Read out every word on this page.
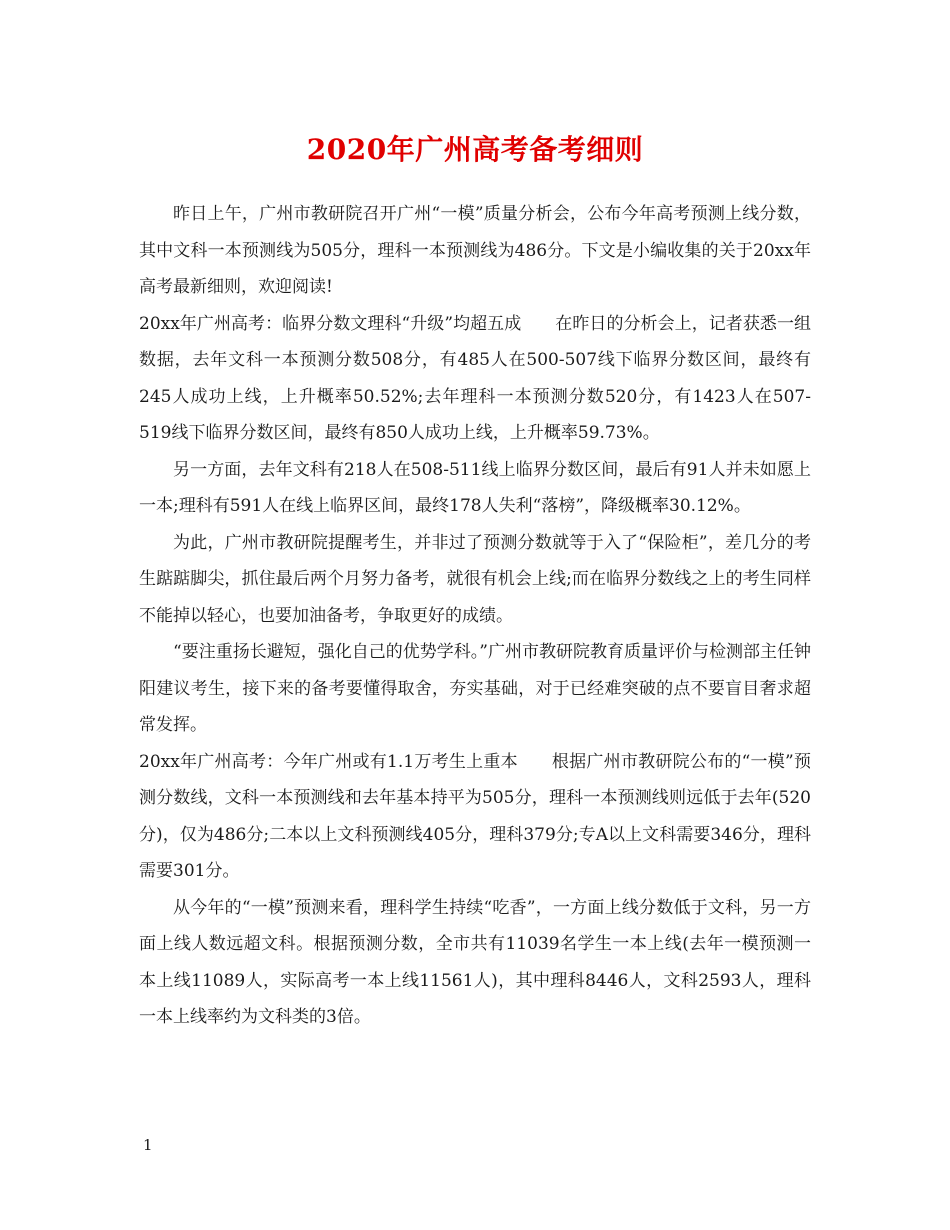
2020年广州高考备考细则

昨日上午，广州市教研院召开广州“一模”质量分析会，公布今年高考预测上线分数，其中文科一本预测线为505分，理科一本预测线为486分。下文是小编收集的关于20xx年高考最新细则，欢迎阅读!

20xx年广州高考：临界分数文理科“升级”均超五成 在昨日的分析会上，记者获悉一组数据，去年文科一本预测分数508分，有485人在500-507线下临界分数区间，最终有245人成功上线，上升概率50.52%;去年理科一本预测分数520分，有1423人在507-519线下临界分数区间，最终有850人成功上线，上升概率59.73%。

另一方面，去年文科有218人在508-511线上临界分数区间，最后有91人并未如愿上一本;理科有591人在线上临界区间，最终178人失利“落榜”，降级概率30.12%。

为此，广州市教研院提醒考生，并非过了预测分数就等于入了“保险柜”，差几分的考生踮踮脚尖，抓住最后两个月努力备考，就很有机会上线;而在临界分数线之上的考生同样不能掉以轻心，也要加油备考，争取更好的成绩。

“要注重扬长避短，强化自己的优势学科。”广州市教研院教育质量评价与检测部主任钟阳建议考生，接下来的备考要懂得取舍，夯实基础，对于已经难突破的点不要盲目奢求超常发挥。

20xx年广州高考：今年广州或有1.1万考生上重本 根据广州市教研院公布的“一模”预测分数线，文科一本预测线和去年基本持平为505分，理科一本预测线则远低于去年(520分)，仅为486分;二本以上文科预测线405分，理科379分;专A以上文科需要346分，理科需要301分。

从今年的“一模”预测来看，理科学生持续“吃香”，一方面上线分数低于文科，另一方面上线人数远超文科。根据预测分数，全市共有11039名学生一本上线(去年一模预测一本上线11089人，实际高考一本上线11561人)，其中理科8446人，文科2593人，理科一本上线率约为文科类的3倍。

1
